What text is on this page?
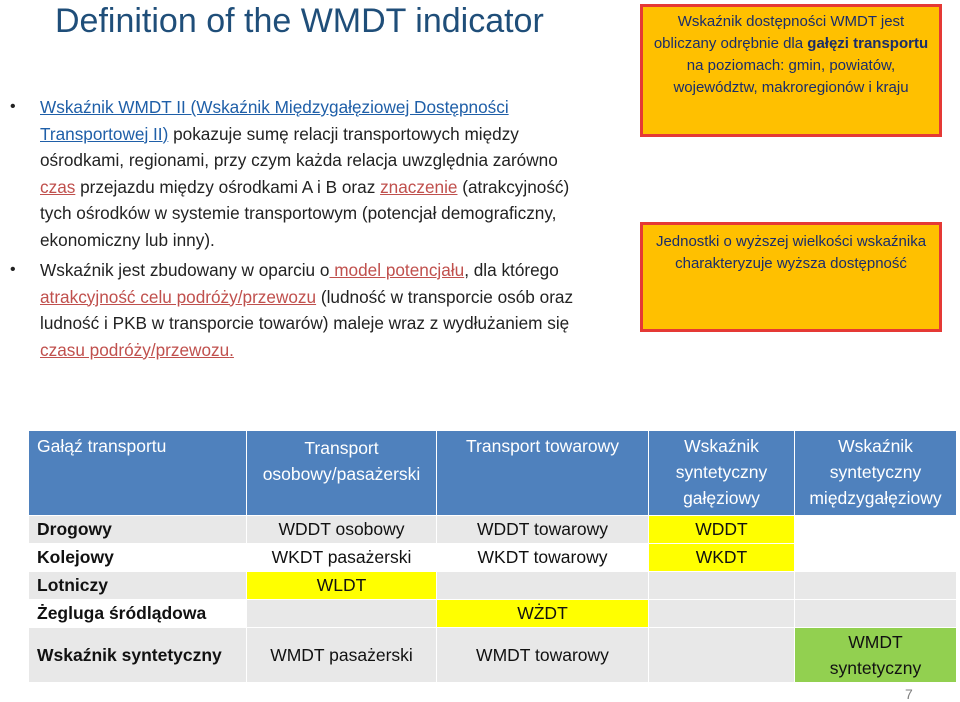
Definition of the WMDT indicator
• Wskaźnik WMDT II (Wskaźnik Międzygałęziowej Dostępności Transportowej II) pokazuje sumę relacji transportowych między ośrodkami, regionami, przy czym każda relacja uwzględnia zarówno czas przejazdu między ośrodkami A i B oraz znaczenie (atrakcyjność) tych ośrodków w systemie transportowym (potencjał demograficzny, ekonomiczny lub inny).
• Wskaźnik jest zbudowany w oparciu o model potencjału, dla którego atrakcyjność celu podróży/przewozu (ludność w transporcie osób oraz ludność i PKB w transporcie towarów) maleje wraz z wydłużaniem się czasu podróży/przewozu.
Wskaźnik dostępności WMDT jest obliczany odrębnie dla gałęzi transportu na poziomach: gmin, powiatów, województw, makroregionów i kraju
Jednostki o wyższej wielkości wskaźnika charakteryzuje wyższa dostępność
Gałąź transportu	Transport osobowy/pasażerski	Transport towarowy	Wskaźnik syntetyczny gałęziowy	Wskaźnik syntetyczny międzygałęziowy
Drogowy	WDDT osobowy	WDDT towarowy	WDDT	
Kolejowy	WKDT pasażerski	WKDT towarowy	WKDT	
Lotniczy	WLDT			
Żegluga śródlądowa		WŻDT		
Wskaźnik syntetyczny	WMDT pasażerski	WMDT towarowy		WMDT syntetyczny
7
